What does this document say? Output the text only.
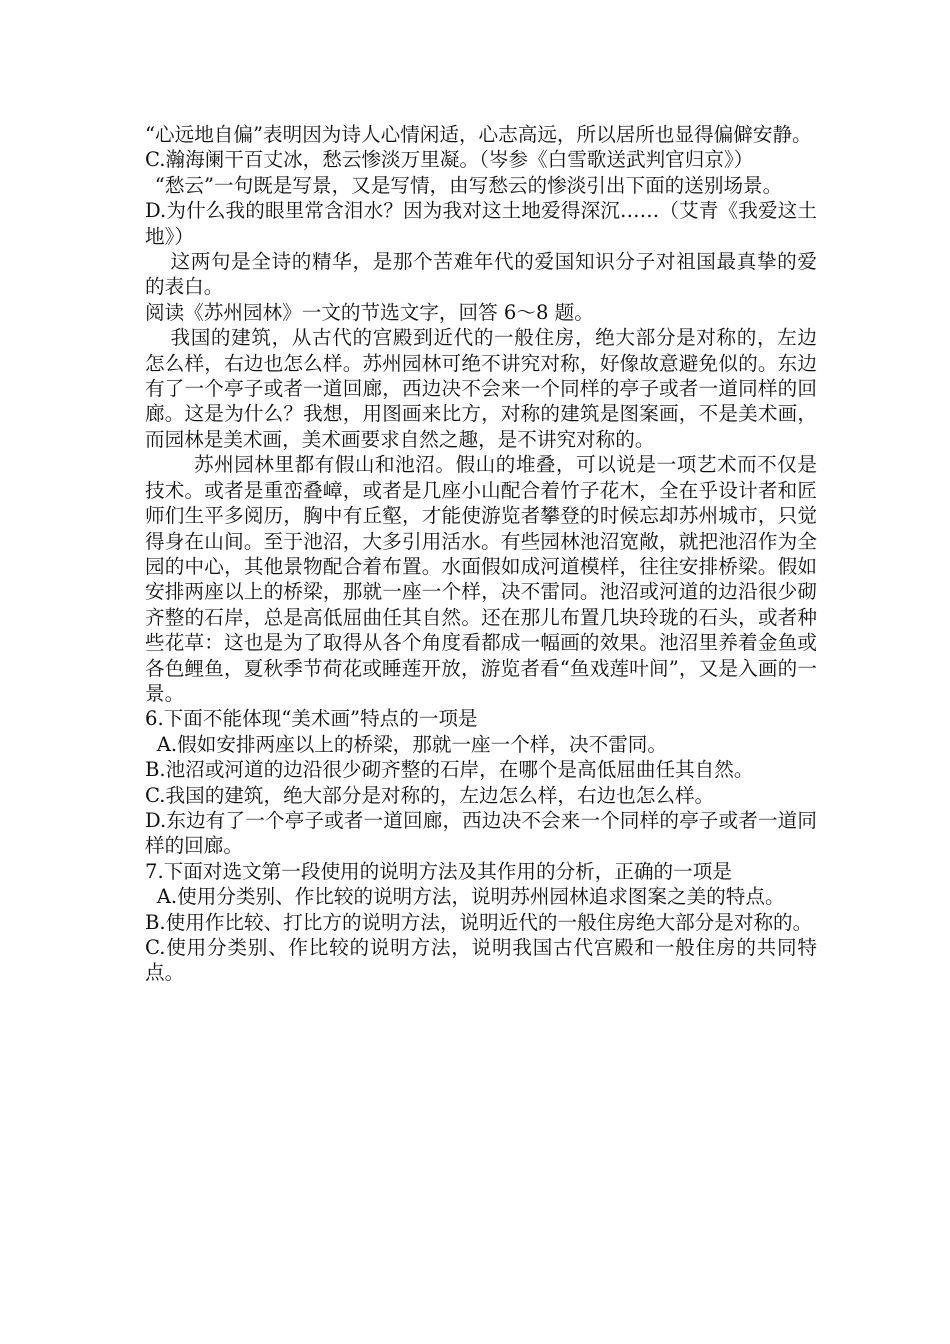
“心远地自偏”表明因为诗人心情闲适，心志高远，所以居所也显得偏僻安静。

C.瀚海阑干百丈冰，愁云惨淡万里凝。（岑参《白雪歌送武判官归京》）

“愁云”一句既是写景，又是写情，由写愁云的惨淡引出下面的送别场景。

D.为什么我的眼里常含泪水？因为我对这土地爱得深沉……（艾青《我爱这土地》）

这两句是全诗的精华，是那个苦难年代的爱国知识分子对祖国最真挚的爱的表白。

阅读《苏州园林》一文的节选文字，回答 6～8 题。

我国的建筑，从古代的宫殿到近代的一般住房，绝大部分是对称的，左边怎么样，右边也怎么样。苏州园林可绝不讲究对称，好像故意避免似的。东边有了一个亭子或者一道回廊，西边决不会来一个同样的亭子或者一道同样的回廊。这是为什么？我想，用图画来比方，对称的建筑是图案画，不是美术画，而园林是美术画，美术画要求自然之趣，是不讲究对称的。

苏州园林里都有假山和池沼。假山的堆叠，可以说是一项艺术而不仅是技术。或者是重峦叠嶂，或者是几座小山配合着竹子花木，全在乎设计者和匠师们生平多阅历，胸中有丘壑，才能使游览者攀登的时候忘却苏州城市，只觉得身在山间。至于池沼，大多引用活水。有些园林池沼宽敞，就把池沼作为全园的中心，其他景物配合着布置。水面假如成河道模样，往往安排桥梁。假如安排两座以上的桥梁，那就一座一个样，决不雷同。池沼或河道的边沿很少砌齐整的石岸，总是高低屈曲任其自然。还在那儿布置几块玲珑的石头，或者种些花草：这也是为了取得从各个角度看都成一幅画的效果。池沼里养着金鱼或各色鲤鱼，夏秋季节荷花或睡莲开放，游览者看“鱼戏莲叶间”，又是入画的一景。

6.下面不能体现“美术画”特点的一项是

A.假如安排两座以上的桥梁，那就一座一个样，决不雷同。

B.池沼或河道的边沿很少砌齐整的石岸，在哪个是高低屈曲任其自然。

C.我国的建筑，绝大部分是对称的，左边怎么样，右边也怎么样。

D.东边有了一个亭子或者一道回廊，西边决不会来一个同样的亭子或者一道同样的回廊。

7.下面对选文第一段使用的说明方法及其作用的分析，正确的一项是

A.使用分类别、作比较的说明方法，说明苏州园林追求图案之美的特点。

B.使用作比较、打比方的说明方法，说明近代的一般住房绝大部分是对称的。

C.使用分类别、作比较的说明方法，说明我国古代宫殿和一般住房的共同特点。
